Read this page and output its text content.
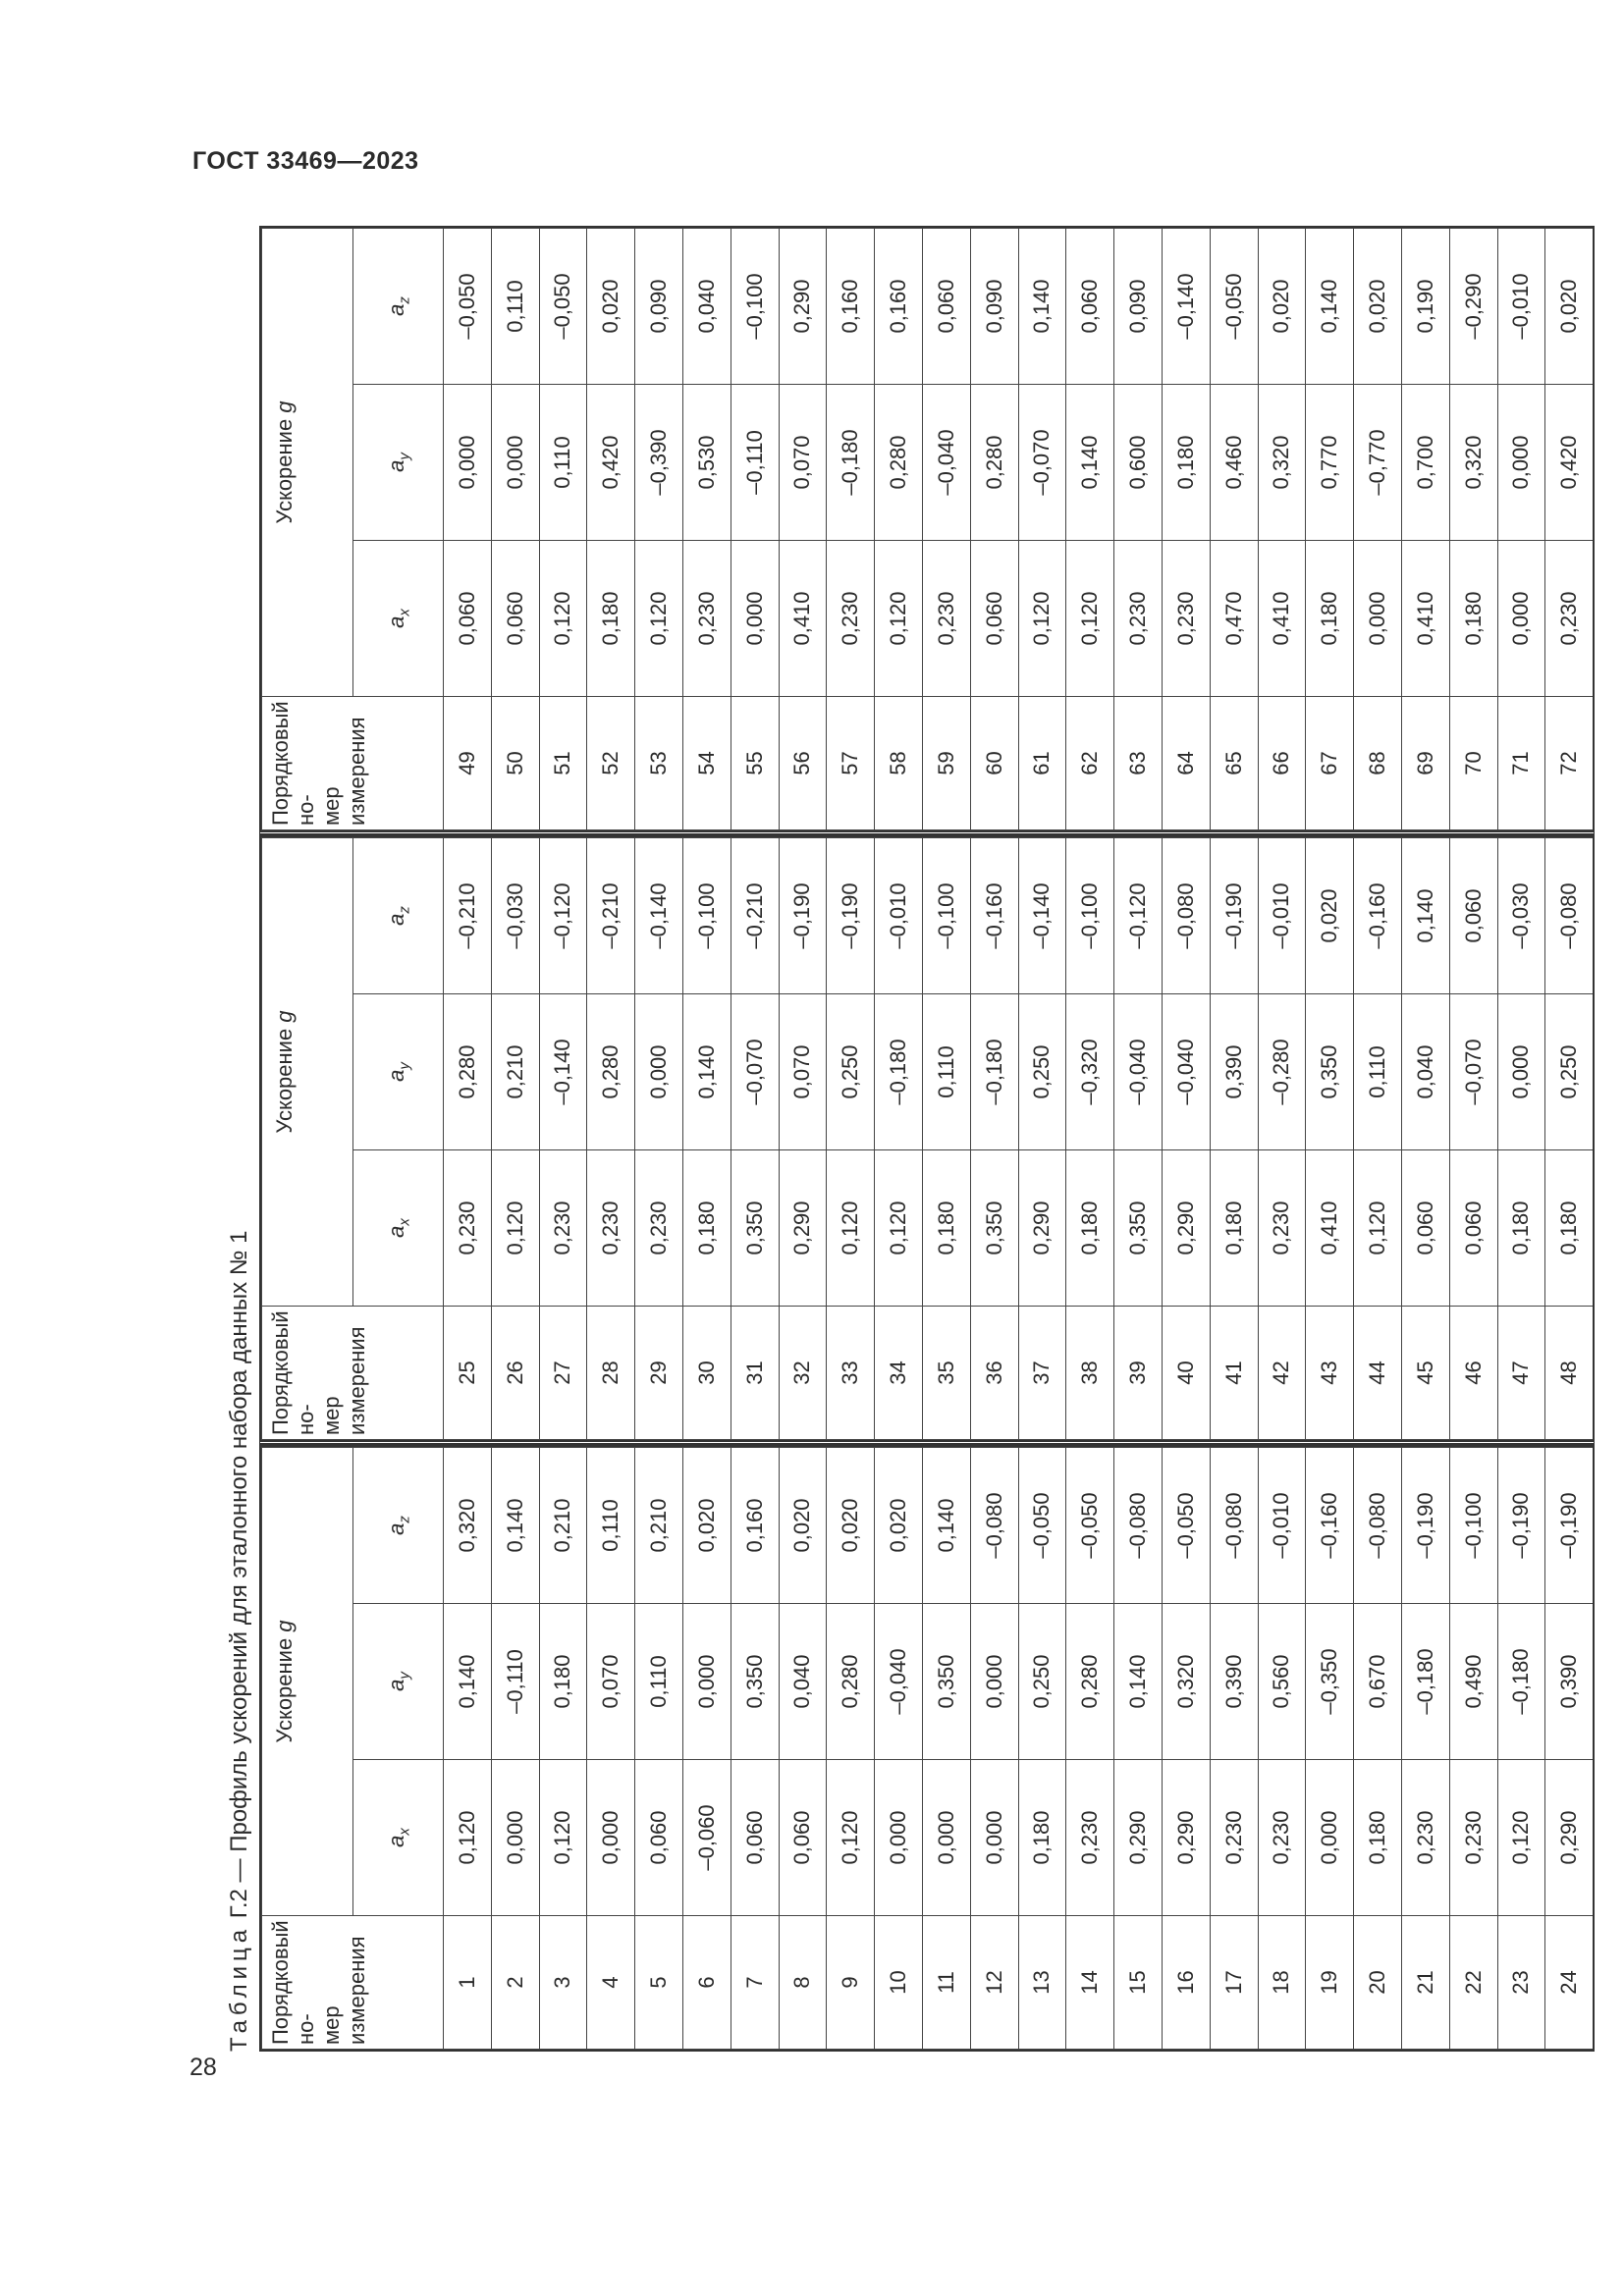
ГОСТ 33469—2023
Таблица Г.2 — Профиль ускорений для эталонного набора данных № 1
Порядковый но-
мер измерения	Ускорение g		
	$a_x$	$a_y$	$a_z$
1	0,120	0,140	0,320
2	0,000	–0,110	0,140
3	0,120	0,180	0,210
4	0,000	0,070	0,110
5	0,060	0,110	0,210
6	–0,060	0,000	0,020
7	0,060	0,350	0,160
8	0,060	0,040	0,020
9	0,120	0,280	0,020
10	0,000	–0,040	0,020
11	0,000	0,350	0,140
12	0,000	0,000	–0,080
13	0,180	0,250	–0,050
14	0,230	0,280	–0,050
15	0,290	0,140	–0,080
16	0,290	0,320	–0,050
17	0,230	0,390	–0,080
18	0,230	0,560	–0,010
19	0,000	–0,350	–0,160
20	0,180	0,670	–0,080
21	0,230	–0,180	–0,190
22	0,230	0,490	–0,100
23	0,120	–0,180	–0,190
24	0,290	0,390	–0,190
Порядковый но-
мер измерения	Ускорение g		
	$a_x$	$a_y$	$a_z$
25	0,230	0,280	–0,210
26	0,120	0,210	–0,030
27	0,230	–0,140	–0,120
28	0,230	0,280	–0,210
29	0,230	0,000	–0,140
30	0,180	0,140	–0,100
31	0,350	–0,070	–0,210
32	0,290	0,070	–0,190
33	0,120	0,250	–0,190
34	0,120	–0,180	–0,010
35	0,180	0,110	–0,100
36	0,350	–0,180	–0,160
37	0,290	0,250	–0,140
38	0,180	–0,320	–0,100
39	0,350	–0,040	–0,120
40	0,290	–0,040	–0,080
41	0,180	0,390	–0,190
42	0,230	–0,280	–0,010
43	0,410	0,350	0,020
44	0,120	0,110	–0,160
45	0,060	0,040	0,140
46	0,060	–0,070	0,060
47	0,180	0,000	–0,030
48	0,180	0,250	–0,080
Порядковый но-
мер измерения	Ускорение g		
	$a_x$	$a_y$	$a_z$
49	0,060	0,000	–0,050
50	0,060	0,000	0,110
51	0,120	0,110	–0,050
52	0,180	0,420	0,020
53	0,120	–0,390	0,090
54	0,230	0,530	0,040
55	0,000	–0,110	–0,100
56	0,410	0,070	0,290
57	0,230	–0,180	0,160
58	0,120	0,280	0,160
59	0,230	–0,040	0,060
60	0,060	0,280	0,090
61	0,120	–0,070	0,140
62	0,120	0,140	0,060
63	0,230	0,600	0,090
64	0,230	0,180	–0,140
65	0,470	0,460	–0,050
66	0,410	0,320	0,020
67	0,180	0,770	0,140
68	0,000	–0,770	0,020
69	0,410	0,700	0,190
70	0,180	0,320	–0,290
71	0,000	0,000	–0,010
72	0,230	0,420	0,020
28
